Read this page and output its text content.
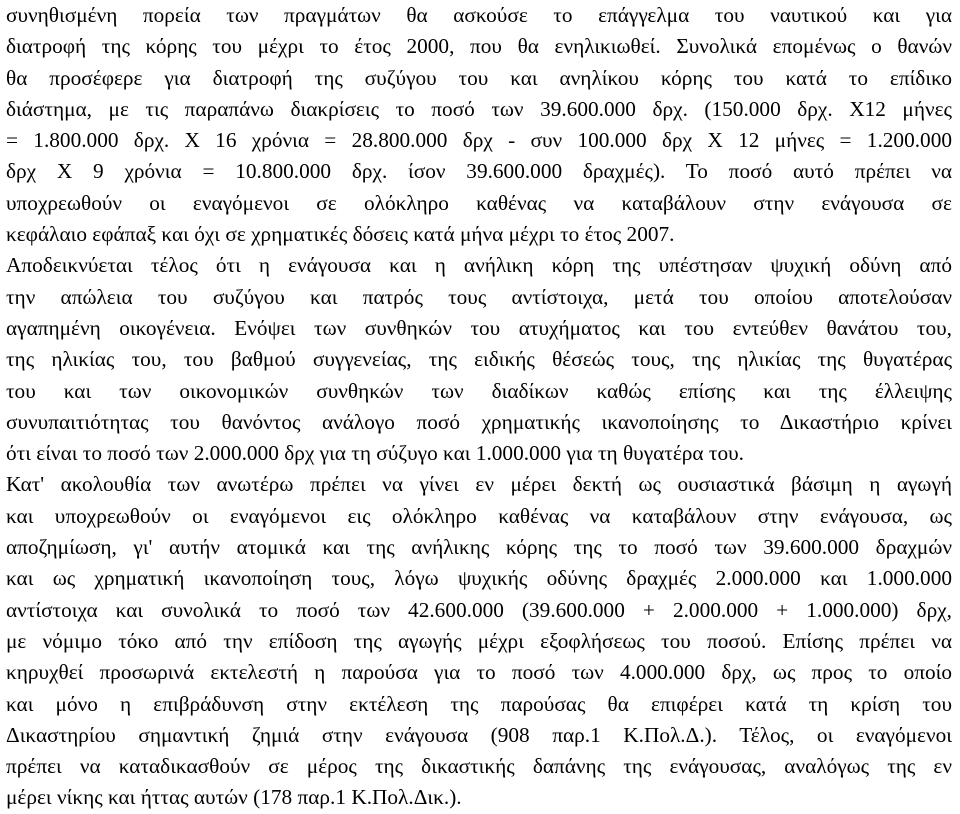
συνηθισμένη πορεία των πραγμάτων θα ασκούσε το επάγγελμα του ναυτικού και για
διατροφή της κόρης του μέχρι το έτος 2000, που θα ενηλικιωθεί. Συνολικά επομένως ο θανών
θα προσέφερε για διατροφή της συζύγου του και ανηλίκου κόρης του κατά το επίδικο
διάστημα, με τις παραπάνω διακρίσεις το ποσό των 39.600.000 δρχ. (150.000 δρχ. Χ12 μήνες
= 1.800.000 δρχ. Χ 16 χρόνια = 28.800.000 δρχ - συν 100.000 δρχ Χ 12 μήνες = 1.200.000
δρχ Χ 9 χρόνια = 10.800.000 δρχ. ίσον 39.600.000 δραχμές). Το ποσό αυτό πρέπει να
υποχρεωθούν οι εναγόμενοι σε ολόκληρο καθένας να καταβάλουν στην ενάγουσα σε
κεφάλαιο εφάπαξ και όχι σε χρηματικές δόσεις κατά μήνα μέχρι το έτος 2007.
Αποδεικνύεται τέλος ότι η ενάγουσα και η ανήλικη κόρη της υπέστησαν ψυχική οδύνη από
την απώλεια του συζύγου και πατρός τους αντίστοιχα, μετά του οποίου αποτελούσαν
αγαπημένη οικογένεια. Ενόψει των συνθηκών του ατυχήματος και του εντεύθεν θανάτου του,
της ηλικίας του, του βαθμού συγγενείας, της ειδικής θέσεώς τους, της ηλικίας της θυγατέρας
του και των οικονομικών συνθηκών των διαδίκων καθώς επίσης και της έλλειψης
συνυπαιτιότητας του θανόντος ανάλογο ποσό χρηματικής ικανοποίησης το Δικαστήριο κρίνει
ότι είναι το ποσό των 2.000.000 δρχ για τη σύζυγο και 1.000.000 για τη θυγατέρα του.
Κατ' ακολουθία των ανωτέρω πρέπει να γίνει εν μέρει δεκτή ως ουσιαστικά βάσιμη η αγωγή
και υποχρεωθούν οι εναγόμενοι εις ολόκληρο καθένας να καταβάλουν στην ενάγουσα, ως
αποζημίωση, γι' αυτήν ατομικά και της ανήλικης κόρης της το ποσό των 39.600.000 δραχμών
και ως χρηματική ικανοποίηση τους, λόγω ψυχικής οδύνης δραχμές 2.000.000 και 1.000.000
αντίστοιχα και συνολικά το ποσό των 42.600.000 (39.600.000 + 2.000.000 + 1.000.000) δρχ,
με νόμιμο τόκο από την επίδοση της αγωγής μέχρι εξοφλήσεως του ποσού. Επίσης πρέπει να
κηρυχθεί προσωρινά εκτελεστή η παρούσα για το ποσό των 4.000.000 δρχ, ως προς το οποίο
και μόνο η επιβράδυνση στην εκτέλεση της παρούσας θα επιφέρει κατά τη κρίση του
Δικαστηρίου σημαντική ζημιά στην ενάγουσα (908 παρ.1 Κ.Πολ.Δ.). Τέλος, οι εναγόμενοι
πρέπει να καταδικασθούν σε μέρος της δικαστικής δαπάνης της ενάγουσας, αναλόγως της εν
μέρει νίκης και ήττας αυτών (178 παρ.1 Κ.Πολ.Δικ.).
